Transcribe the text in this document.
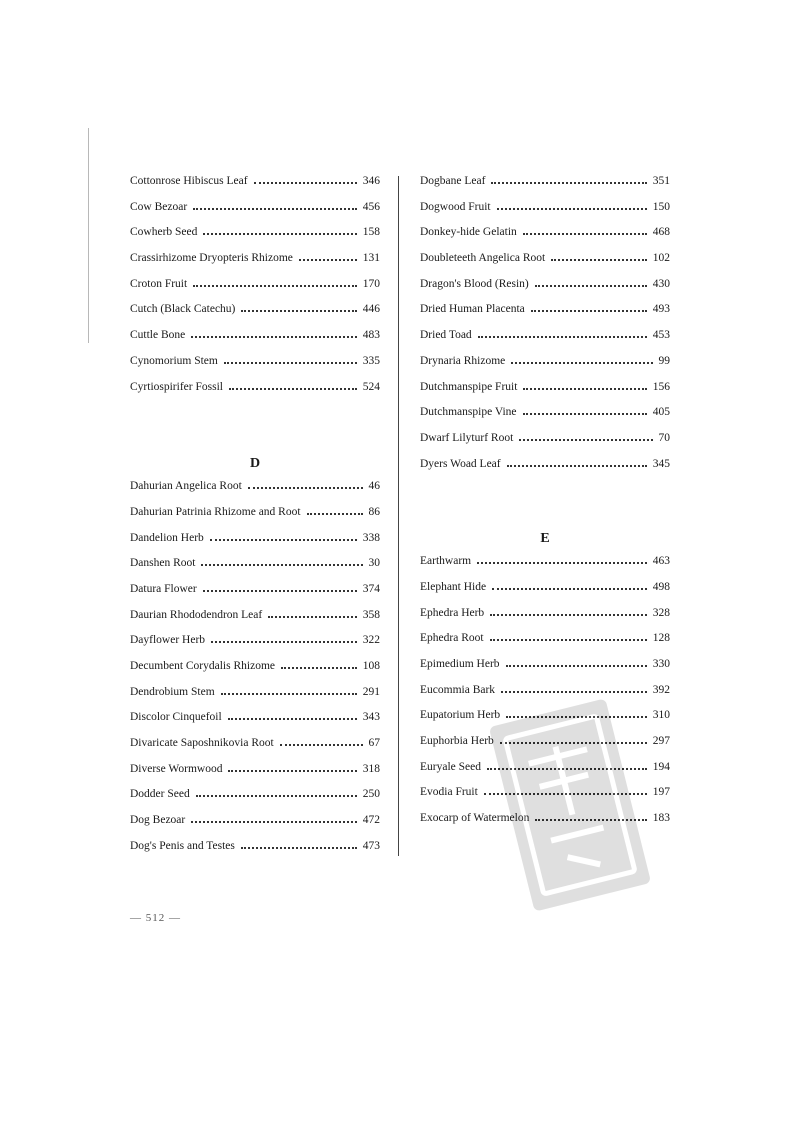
Cottonrose Hibiscus Leaf	346
Cow Bezoar	456
Cowherb Seed	158
Crassirhizome Dryopteris Rhizome	131
Croton Fruit	170
Cutch (Black Catechu)	446
Cuttle Bone	483
Cynomorium Stem	335
Cyrtiospirifer Fossil	524
D
Dahurian Angelica Root	46
Dahurian Patrinia Rhizome and Root	86
Dandelion Herb	338
Danshen Root	30
Datura Flower	374
Daurian Rhododendron Leaf	358
Dayflower Herb	322
Decumbent Corydalis Rhizome	108
Dendrobium Stem	291
Discolor Cinquefoil	343
Divaricate Saposhnikovia Root	67
Diverse Wormwood	318
Dodder Seed	250
Dog Bezoar	472
Dog's Penis and Testes	473
Dogbane Leaf	351
Dogwood Fruit	150
Donkey-hide Gelatin	468
Doubleteeth Angelica Root	102
Dragon's Blood (Resin)	430
Dried Human Placenta	493
Dried Toad	453
Drynaria Rhizome	99
Dutchmanspipe Fruit	156
Dutchmanspipe Vine	405
Dwarf Lilyturf Root	70
Dyers Woad Leaf	345
E
Earthwarm	463
Elephant Hide	498
Ephedra Herb	328
Ephedra Root	128
Epimedium Herb	330
Eucommia Bark	392
Eupatorium Herb	310
Euphorbia Herb	297
Euryale Seed	194
Evodia Fruit	197
Exocarp of Watermelon	183
— 512 —
